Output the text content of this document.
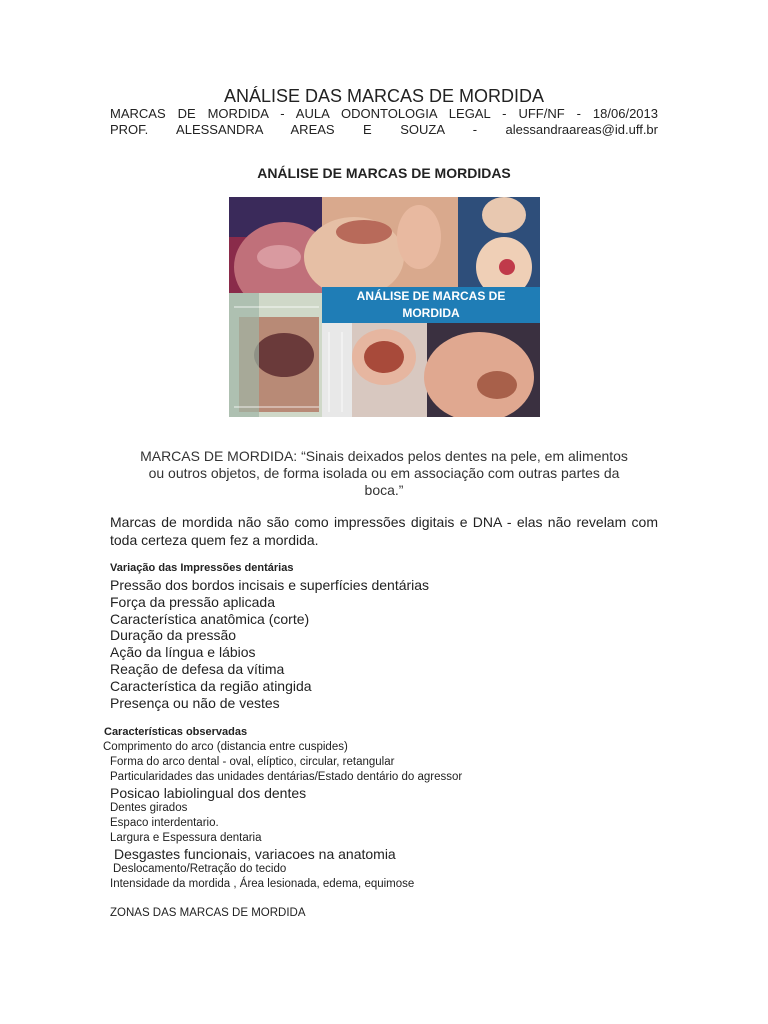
ANÁLISE DAS MARCAS DE MORDIDA
MARCAS DE MORDIDA - AULA ODONTOLOGIA LEGAL - UFF/NF - 18/06/2013
PROF. ALESSANDRA AREAS E SOUZA - alessandraareas@id.uff.br
ANÁLISE DE MARCAS DE MORDIDAS
ANÁLISE DE MARCAS DE
MORDIDA
MARCAS DE MORDIDA: “Sinais deixados pelos dentes na pele, em alimentos
ou outros objetos, de forma isolada ou em associação com outras partes da
boca.”
Marcas de mordida não são como impressões digitais e DNA - elas não revelam com toda certeza quem fez a mordida.
Variação das Impressões dentárias
Pressão dos bordos incisais e superfícies dentárias
Força da pressão aplicada
Característica anatômica (corte)
Duração da pressão
Ação da língua e lábios
Reação de defesa da vítima
Característica da região atingida
Presença ou não de vestes
Características observadas
Comprimento do arco (distancia entre cuspides)
Forma do arco dental - oval, elíptico, circular, retangular
Particularidades das unidades dentárias/Estado dentário do agressor
Posicao labiolingual dos dentes
Dentes girados
Espaco interdentario.
Largura e Espessura dentaria
Desgastes funcionais, variacoes na anatomia
Deslocamento/Retração do tecido
Intensidade da mordida , Área lesionada, edema, equimose
ZONAS DAS MARCAS DE MORDIDA
